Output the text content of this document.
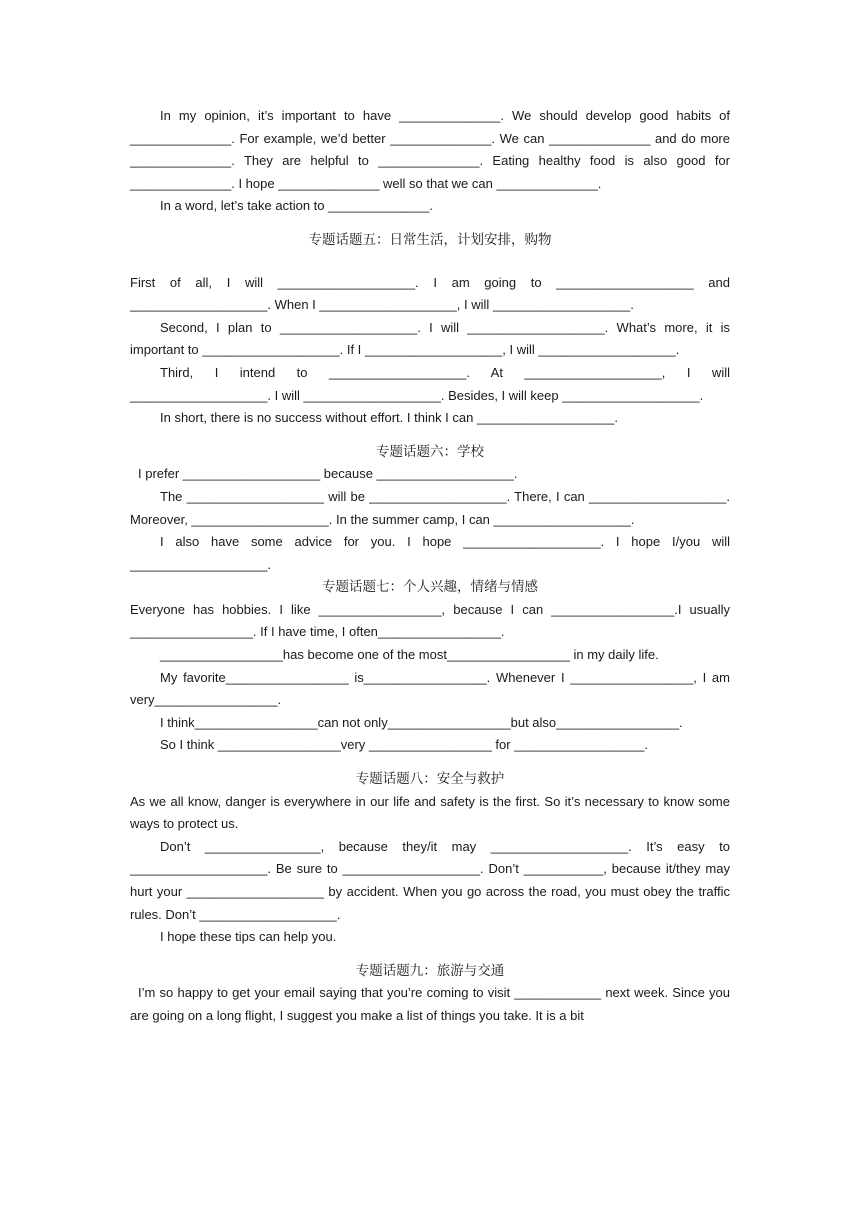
In my opinion, it’s important to have ______________. We should develop good habits of ______________. For example, we’d better ______________. We can ______________ and do more ______________. They are helpful to ______________. Eating healthy food is also good for ______________. I hope ______________ well so that we can ______________.

In a word, let’s take action to ______________.

专题话题五：日常生活，计划安排，购物

First of all, I will ___________________. I am going to ___________________ and ___________________. When I ___________________, I will ___________________.

Second, I plan to ___________________. I will ___________________. What’s more, it is important to ___________________. If I ___________________, I will ___________________.

Third, I intend to ___________________. At ___________________, I will ___________________. I will ___________________. Besides, I will keep ___________________.

In short, there is no success without effort. I think I can ___________________.

专题话题六：学校

I prefer ___________________ because ___________________.

The ___________________ will be ___________________. There, I can ___________________. Moreover, ___________________. In the summer camp, I can ___________________.

I also have some advice for you. I hope ___________________. I hope I/you will ___________________.

专题话题七：个人兴趣，情绪与情感

Everyone has hobbies. I like _________________, because I can _________________.I usually _________________. If I have time, I often_________________.

_________________has become one of the most_________________ in my daily life.

My favorite_________________ is_________________. Whenever I _________________, I am very_________________.

I think_________________can not only_________________but also_________________.

So I think _________________very _________________ for __________________.

专题话题八：安全与救护

As we all know, danger is everywhere in our life and safety is the first. So it’s necessary to know some ways to protect us.

Don’t ________________, because they/it may ___________________. It’s easy to ___________________. Be sure to ___________________. Don’t ___________, because it/they may hurt your ___________________ by accident. When you go across the road, you must obey the traffic rules. Don’t ___________________.

I hope these tips can help you.

专题话题九：旅游与交通

I’m so happy to get your email saying that you’re coming to visit ____________ next week. Since you are going on a long flight, I suggest you make a list of things you take. It is a bit
